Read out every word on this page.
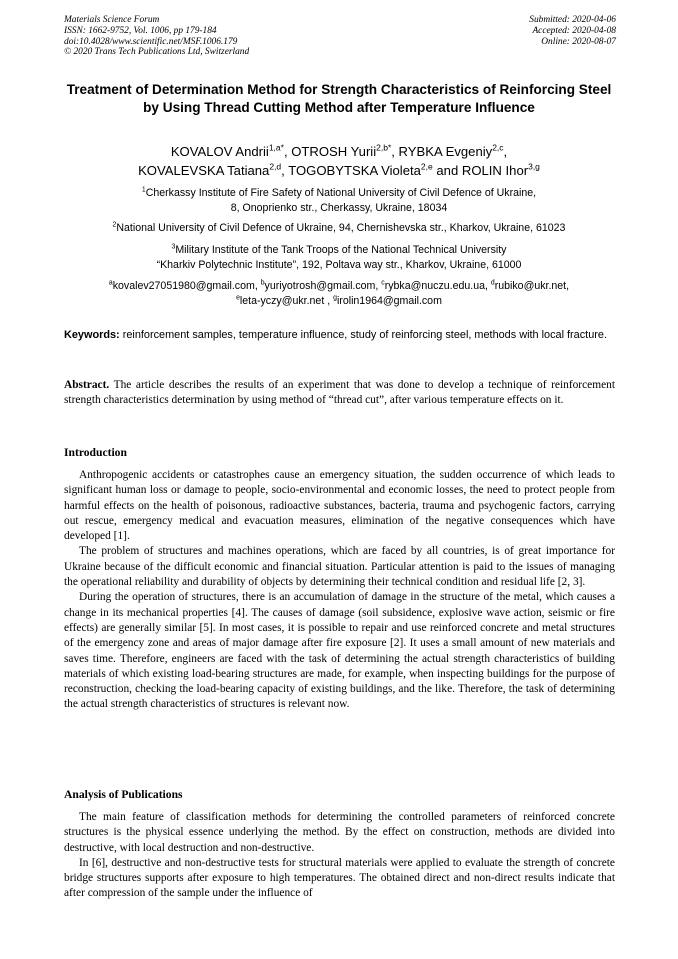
Materials Science Forum
ISSN: 1662-9752, Vol. 1006, pp 179-184
doi:10.4028/www.scientific.net/MSF.1006.179
© 2020 Trans Tech Publications Ltd, Switzerland
Submitted: 2020-04-06
Accepted: 2020-04-08
Online: 2020-08-07
Treatment of Determination Method for Strength Characteristics of Reinforcing Steel by Using Thread Cutting Method after Temperature Influence
KOVALOV Andrii$^{1,a*}$, OTROSH Yurii$^{2,b*}$, RYBKA Evgeniy$^{2,c}$,
KOVALEVSKA Tatiana$^{2,d}$, TOGOBYTSKA Violeta$^{2,e}$ and ROLIN Ihor$^{3,g}$
$^1$Cherkassy Institute of Fire Safety of National University of Civil Defence of Ukraine,
8, Onoprienko str., Cherkassy, Ukraine, 18034
$^2$National University of Civil Defence of Ukraine, 94, Chernishevska str., Kharkov, Ukraine, 61023
$^3$Military Institute of the Tank Troops of the National Technical University
“Kharkiv Polytechnic Institute”, 192, Poltava way str., Kharkov, Ukraine, 61000
$^a$kovalev27051980@gmail.com, $^b$yuriyotrosh@gmail.com, $^c$rybka@nuczu.edu.ua, $^d$rubiko@ukr.net,
$^e$leta-yczy@ukr.net , $^g$irolin1964@gmail.com
Keywords: reinforcement samples, temperature influence, study of reinforcing steel, methods with local fracture.
Abstract. The article describes the results of an experiment that was done to develop a technique of reinforcement strength characteristics determination by using method of “thread cut”, after various temperature effects on it.
Introduction

Anthropogenic accidents or catastrophes cause an emergency situation, the sudden occurrence of which leads to significant human loss or damage to people, socio-environmental and economic losses, the need to protect people from harmful effects on the health of poisonous, radioactive substances, bacteria, trauma and psychogenic factors, carrying out rescue, emergency medical and evacuation measures, elimination of the negative consequences which have developed [1].

The problem of structures and machines operations, which are faced by all countries, is of great importance for Ukraine because of the difficult economic and financial situation. Particular attention is paid to the issues of managing the operational reliability and durability of objects by determining their technical condition and residual life [2, 3].

During the operation of structures, there is an accumulation of damage in the structure of the metal, which causes a change in its mechanical properties [4]. The causes of damage (soil subsidence, explosive wave action, seismic or fire effects) are generally similar [5]. In most cases, it is possible to repair and use reinforced concrete and metal structures of the emergency zone and areas of major damage after fire exposure [2]. It uses a small amount of new materials and saves time. Therefore, engineers are faced with the task of determining the actual strength characteristics of building materials of which existing load-bearing structures are made, for example, when inspecting buildings for the purpose of reconstruction, checking the load-bearing capacity of existing buildings, and the like. Therefore, the task of determining the actual strength characteristics of structures is relevant now.

Analysis of Publications

The main feature of classification methods for determining the controlled parameters of reinforced concrete structures is the physical essence underlying the method. By the effect on construction, methods are divided into destructive, with local destruction and non-destructive.

In [6], destructive and non-destructive tests for structural materials were applied to evaluate the strength of concrete bridge structures supports after exposure to high temperatures. The obtained direct and non-direct results indicate that after compression of the sample under the influence of
